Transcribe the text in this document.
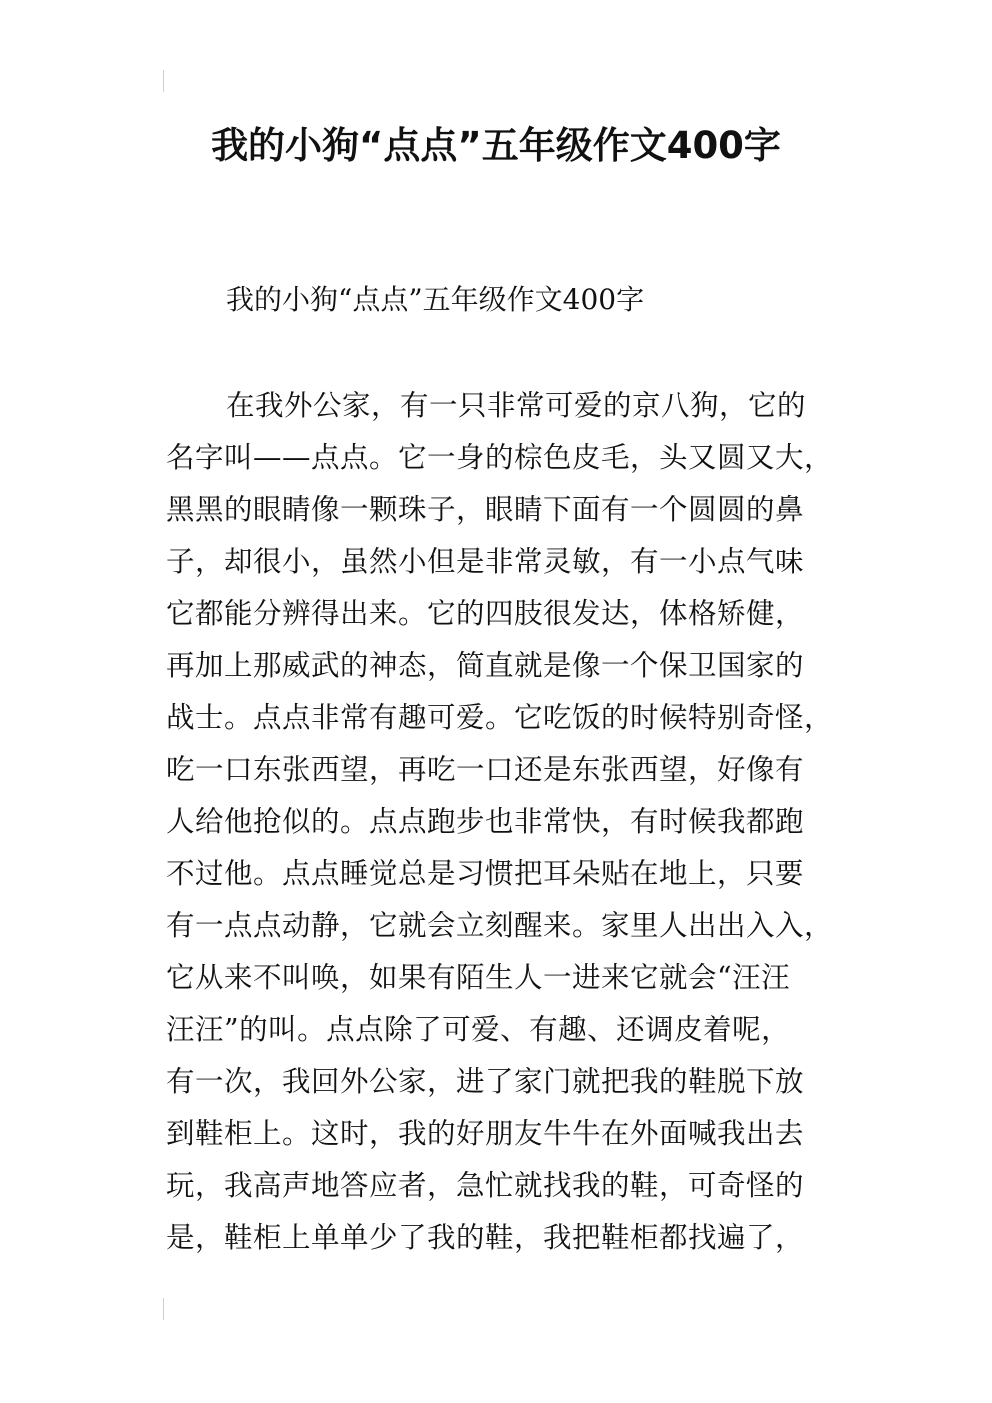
我的小狗“点点”五年级作文400字

我的小狗“点点”五年级作文400字

在我外公家，有一只非常可爱的京八狗，它的
名字叫——点点。它一身的棕色皮毛，头又圆又大，
黑黑的眼睛像一颗珠子，眼睛下面有一个圆圆的鼻
子，却很小，虽然小但是非常灵敏，有一小点气味
它都能分辨得出来。它的四肢很发达，体格矫健，
再加上那威武的神态，简直就是像一个保卫国家的
战士。点点非常有趣可爱。它吃饭的时候特别奇怪，
吃一口东张西望，再吃一口还是东张西望，好像有
人给他抢似的。点点跑步也非常快，有时候我都跑
不过他。点点睡觉总是习惯把耳朵贴在地上，只要
有一点点动静，它就会立刻醒来。家里人出出入入，
它从来不叫唤，如果有陌生人一进来它就会“汪汪
汪汪”的叫。点点除了可爱、有趣、还调皮着呢，
有一次，我回外公家，进了家门就把我的鞋脱下放
到鞋柜上。这时，我的好朋友牛牛在外面喊我出去
玩，我高声地答应者，急忙就找我的鞋，可奇怪的
是，鞋柜上单单少了我的鞋，我把鞋柜都找遍了，
